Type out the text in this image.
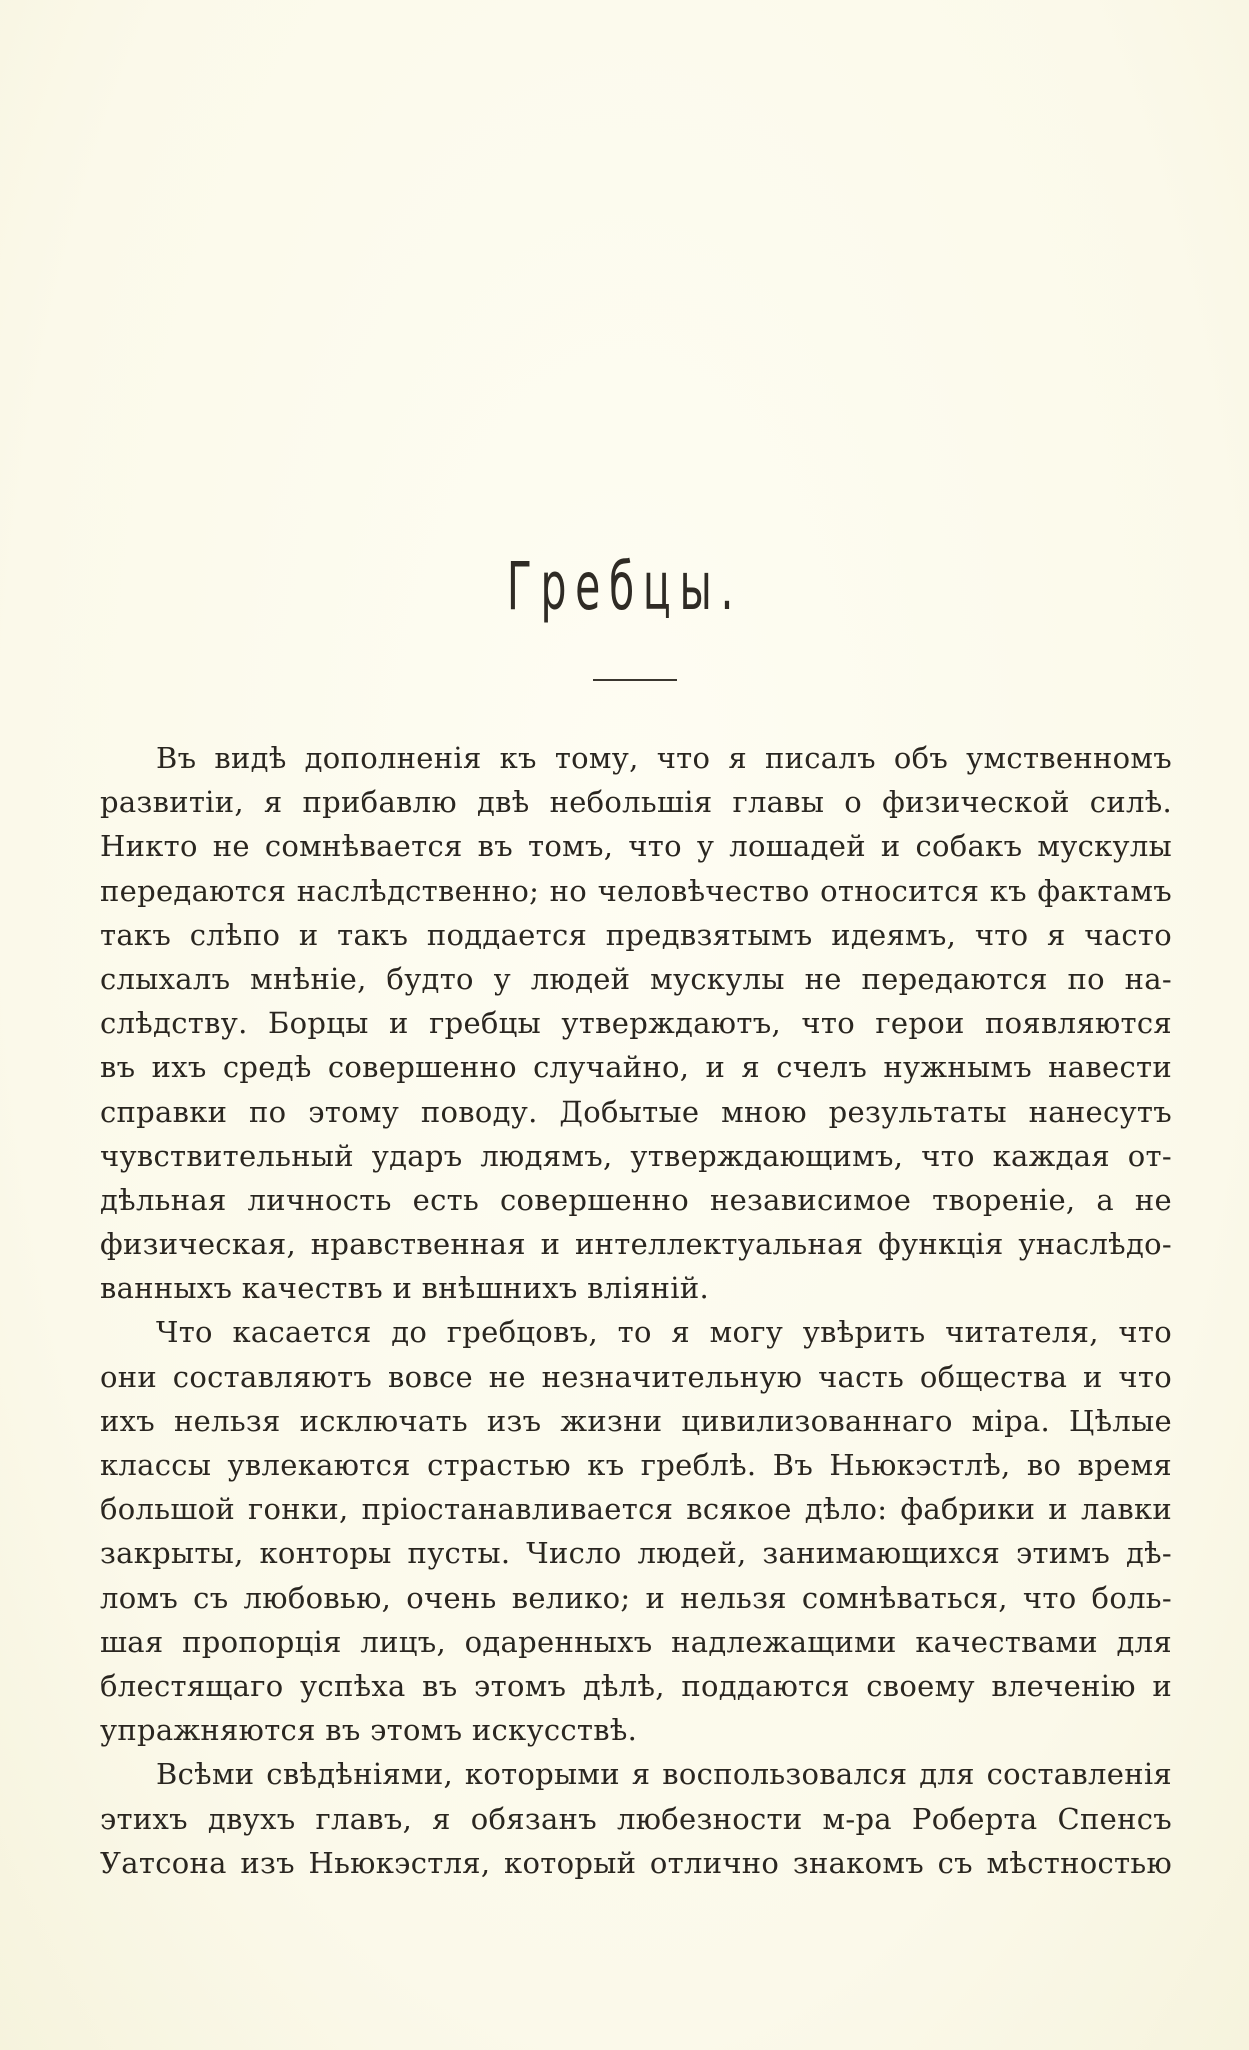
Гребцы.
Въ видѣ дополненія къ тому, что я писалъ объ умственномъ
развитіи, я прибавлю двѣ небольшія главы о физической силѣ.
Никто не сомнѣвается въ томъ, что у лошадей и собакъ мускулы
передаются наслѣдственно; но человѣчество относится къ фактамъ
такъ слѣпо и такъ поддается предвзятымъ идеямъ, что я часто
слыхалъ мнѣніе, будто у людей мускулы не передаются по на-
слѣдству. Борцы и гребцы утверждаютъ, что герои появляются
въ ихъ средѣ совершенно случайно, и я счелъ нужнымъ навести
справки по этому поводу. Добытые мною результаты нанесутъ
чувствительный ударъ людямъ, утверждающимъ, что каждая от-
дѣльная личность есть совершенно независимое твореніе, а не
физическая, нравственная и интеллектуальная функція унаслѣдо-
ванныхъ качествъ и внѣшнихъ вліяній.
Что касается до гребцовъ, то я могу увѣрить читателя, что
они составляютъ вовсе не незначительную часть общества и что
ихъ нельзя исключать изъ жизни цивилизованнаго міра. Цѣлые
классы увлекаются страстью къ греблѣ. Въ Ньюкэстлѣ, во время
большой гонки, пріостанавливается всякое дѣло: фабрики и лавки
закрыты, конторы пусты. Число людей, занимающихся этимъ дѣ-
ломъ съ любовью, очень велико; и нельзя сомнѣваться, что боль-
шая пропорція лицъ, одаренныхъ надлежащими качествами для
блестящаго успѣха въ этомъ дѣлѣ, поддаются своему влеченію и
упражняются въ этомъ искусствѣ.
Всѣми свѣдѣніями, которыми я воспользовался для составленія
этихъ двухъ главъ, я обязанъ любезности м-ра Роберта Спенсъ
Уатсона изъ Ньюкэстля, который отлично знакомъ съ мѣстностью
